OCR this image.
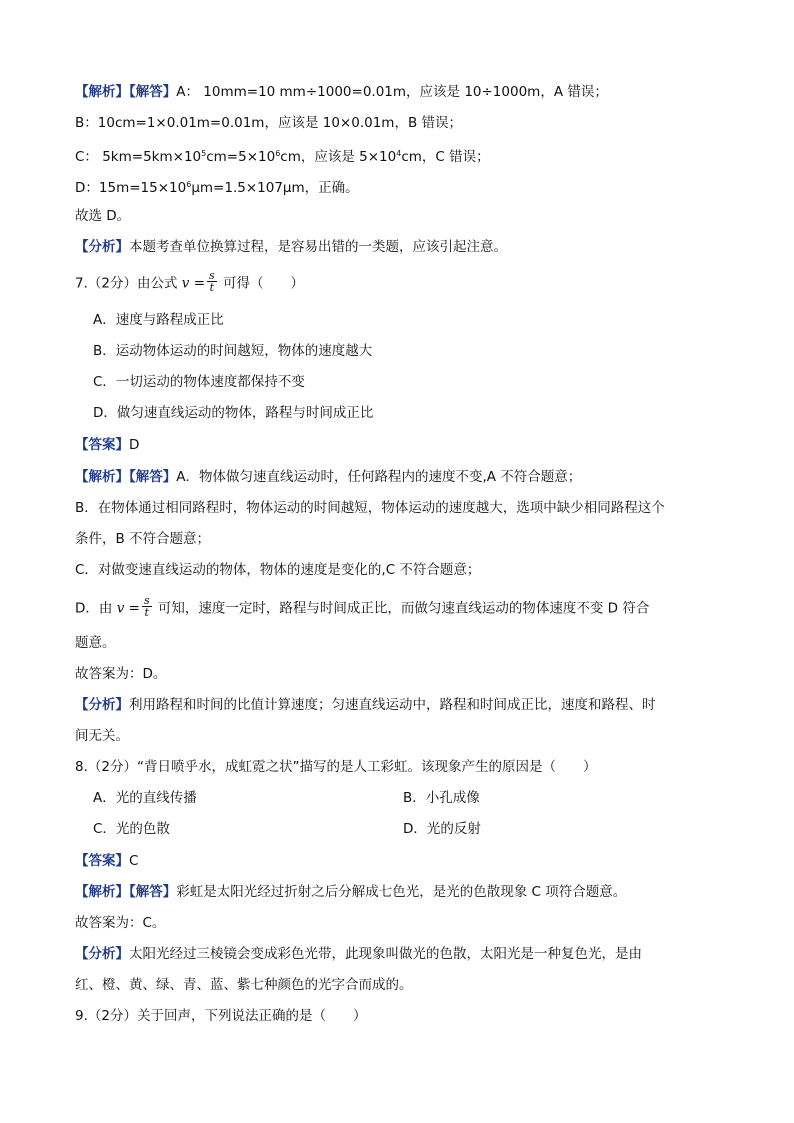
【解析】【解答】A： 10mm=10 mm÷1000=0.01m，应该是 10÷1000m，A 错误；
B：10cm=1×0.01m=0.01m，应该是 10×0.01m，B 错误；
C： $5km=5km\times 10^5cm=5\times 10^6cm$，应该是 $5\times 10^4cm$，C 错误；
D：$15m=15\times 10^6\mu m=1.5\times 107\mu m$，正确。
故选 D。
【分析】本题考查单位换算过程，是容易出错的一类题，应该引起注意。
7.（2分）由公式 $v = \frac{s}{t}$ 可得（　　）
A．速度与路程成正比
B．运动物体运动的时间越短，物体的速度越大
C．一切运动的物体速度都保持不变
D．做匀速直线运动的物体，路程与时间成正比
【答案】D
【解析】【解答】A．物体做匀速直线运动时，任何路程内的速度不变,A 不符合题意；
B．在物体通过相同路程时，物体运动的时间越短，物体运动的速度越大，选项中缺少相同路程这个
条件，B 不符合题意；
C．对做变速直线运动的物体，物体的速度是变化的,C 不符合题意；
D．由 $v = \frac{s}{t}$ 可知，速度一定时，路程与时间成正比，而做匀速直线运动的物体速度不变 D 符合
题意。
故答案为：D。
【分析】利用路程和时间的比值计算速度；匀速直线运动中，路程和时间成正比，速度和路程、时
间无关。
8.（2分）“背日喷乎水，成虹霓之状”描写的是人工彩虹。该现象产生的原因是（　　）
A．光的直线传播	B．小孔成像
C．光的色散	D．光的反射
【答案】C
【解析】【解答】彩虹是太阳光经过折射之后分解成七色光，是光的色散现象 C 项符合题意。
故答案为：C。
【分析】太阳光经过三棱镜会变成彩色光带，此现象叫做光的色散，太阳光是一种复色光，是由
红、橙、黄、绿、青、蓝、紫七种颜色的光字合而成的。
9.（2分）关于回声，下列说法正确的是（　　）
